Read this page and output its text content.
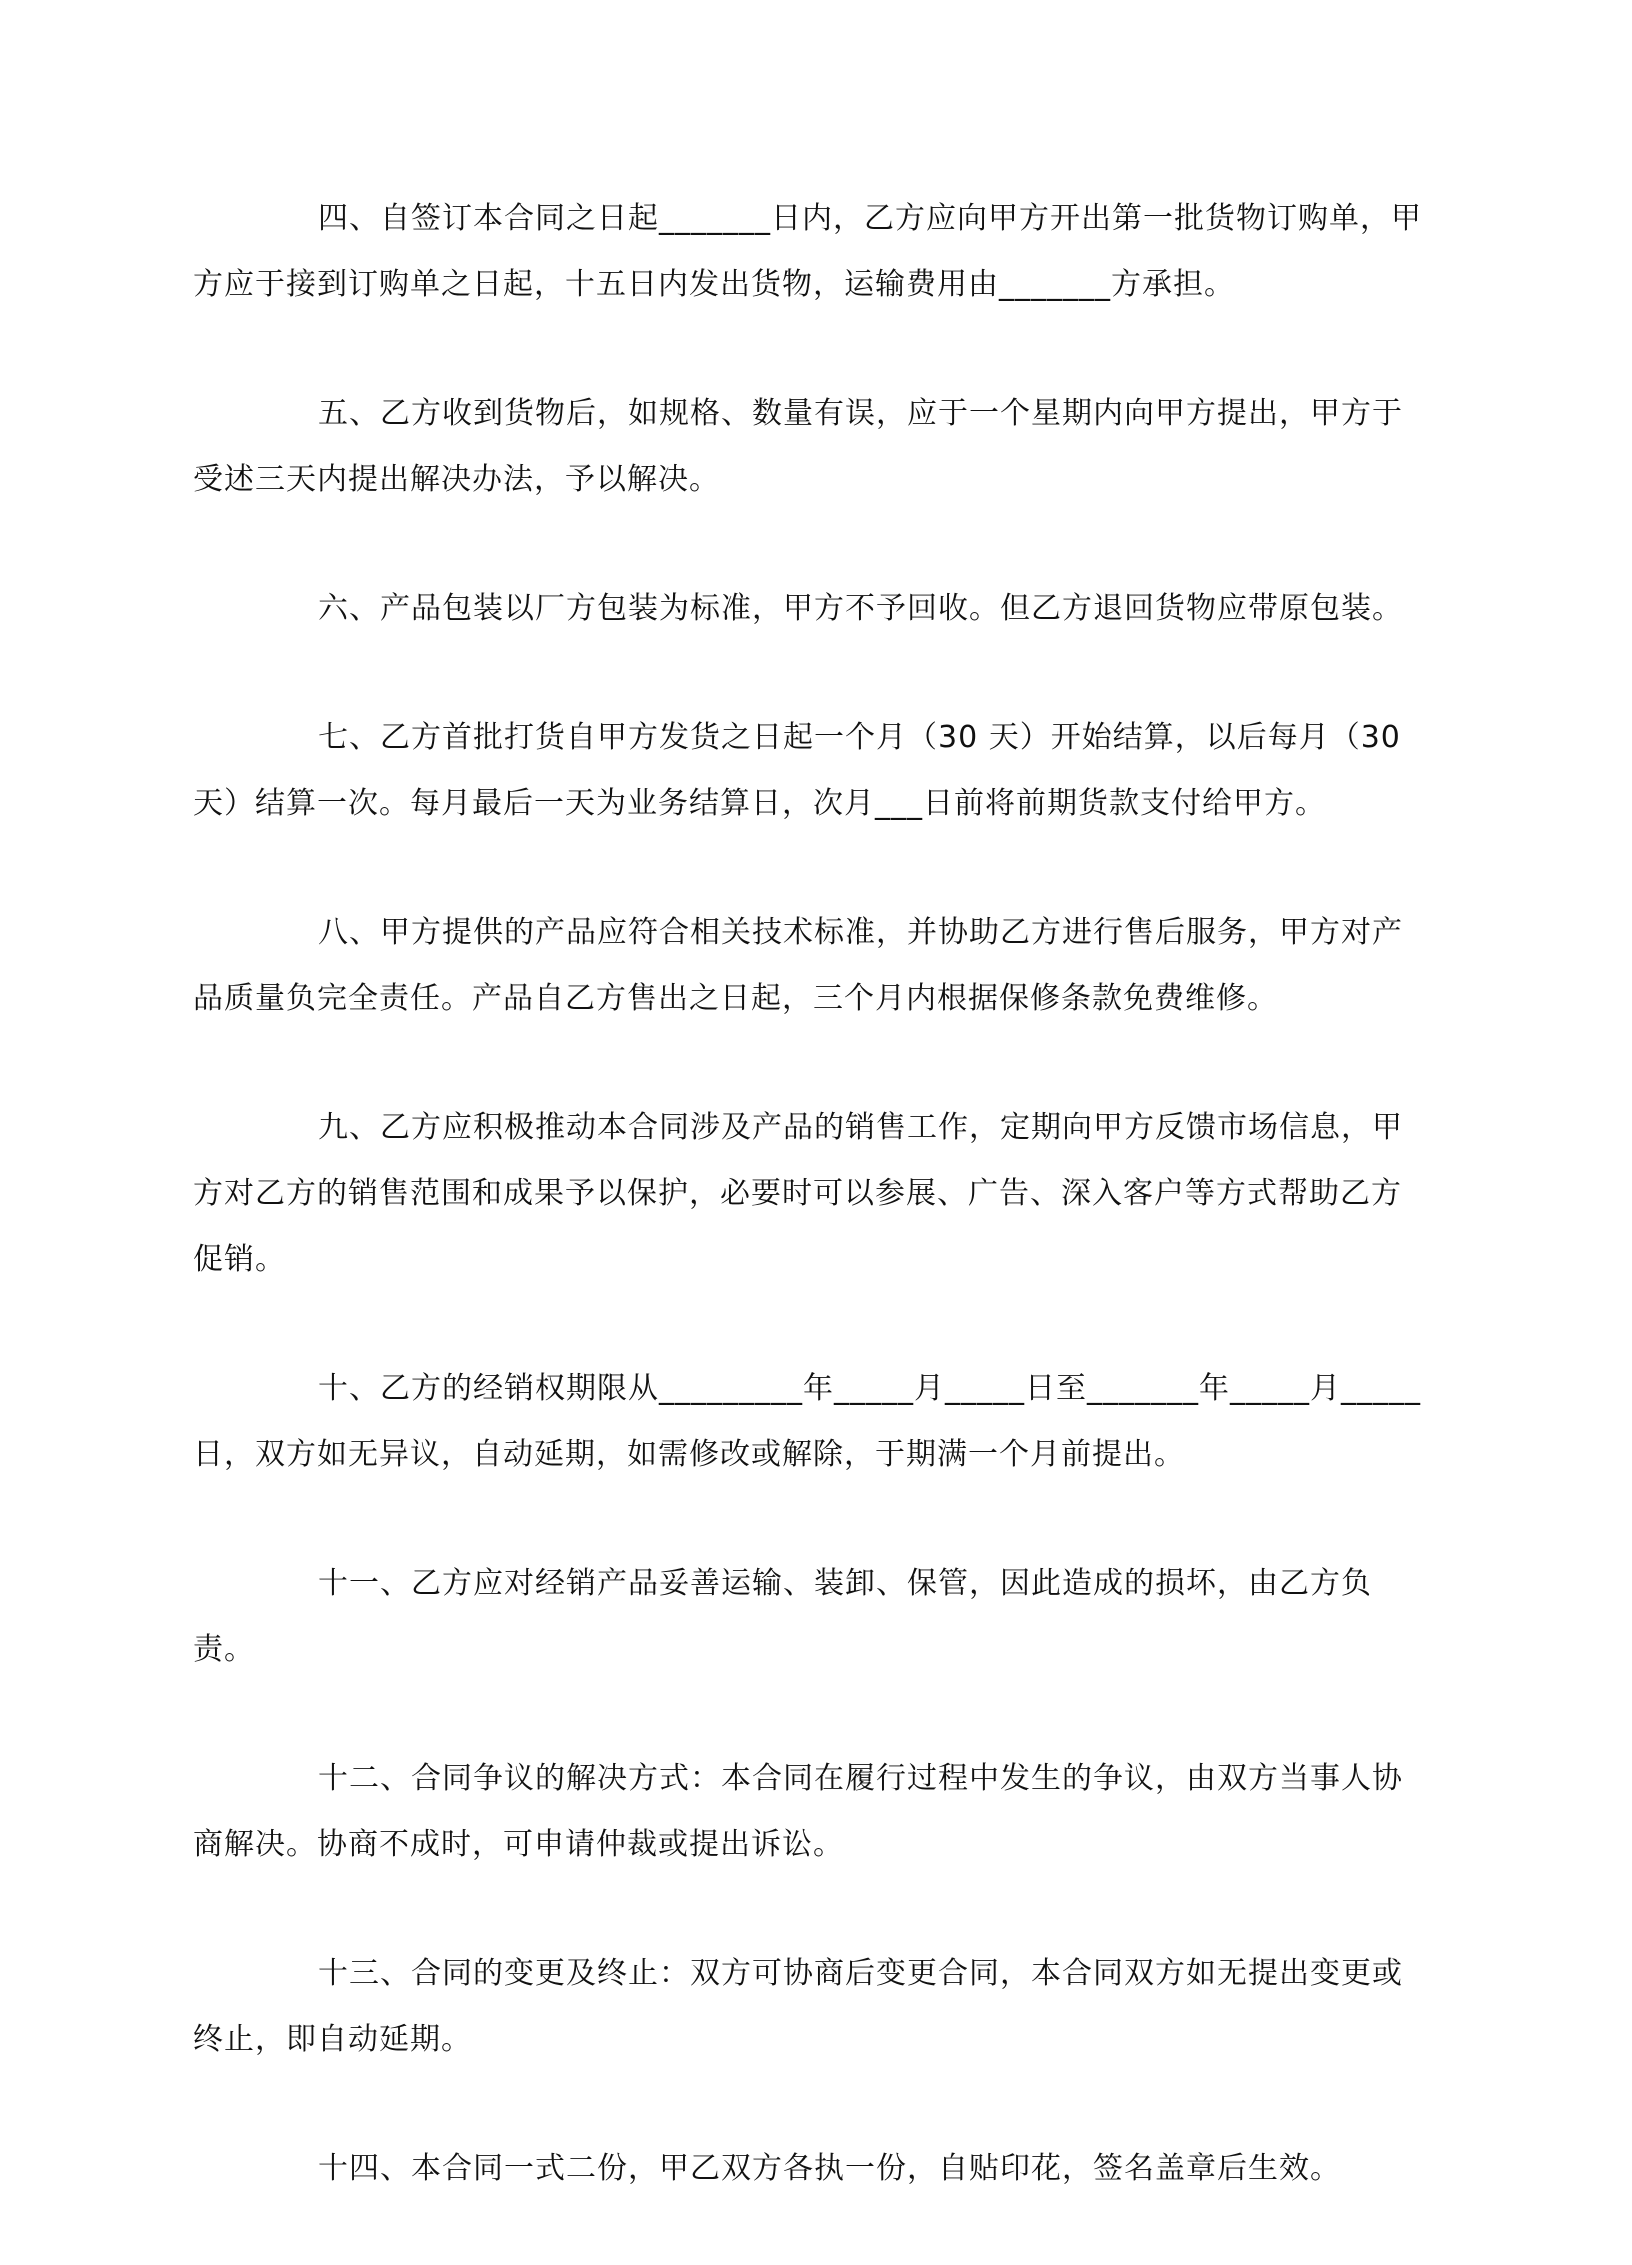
四、自签订本合同之日起_______日内，乙方应向甲方开出第一批货物订购单，甲方应于接到订购单之日起，十五日内发出货物，运输费用由_______方承担。

五、乙方收到货物后，如规格、数量有误，应于一个星期内向甲方提出，甲方于受述三天内提出解决办法，予以解决。

六、产品包装以厂方包装为标准，甲方不予回收。但乙方退回货物应带原包装。

七、乙方首批打货自甲方发货之日起一个月（30 天）开始结算，以后每月（30 天）结算一次。每月最后一天为业务结算日，次月___日前将前期货款支付给甲方。

八、甲方提供的产品应符合相关技术标准，并协助乙方进行售后服务，甲方对产品质量负完全责任。产品自乙方售出之日起，三个月内根据保修条款免费维修。

九、乙方应积极推动本合同涉及产品的销售工作，定期向甲方反馈市场信息，甲方对乙方的销售范围和成果予以保护，必要时可以参展、广告、深入客户等方式帮助乙方促销。

十、乙方的经销权期限从_________年_____月_____日至_______年_____月_____日，双方如无异议，自动延期，如需修改或解除，于期满一个月前提出。

十一、乙方应对经销产品妥善运输、装卸、保管，因此造成的损坏，由乙方负责。

十二、合同争议的解决方式：本合同在履行过程中发生的争议，由双方当事人协商解决。协商不成时，可申请仲裁或提出诉讼。

十三、合同的变更及终止：双方可协商后变更合同，本合同双方如无提出变更或终止，即自动延期。

十四、本合同一式二份，甲乙双方各执一份，自贴印花，签名盖章后生效。
